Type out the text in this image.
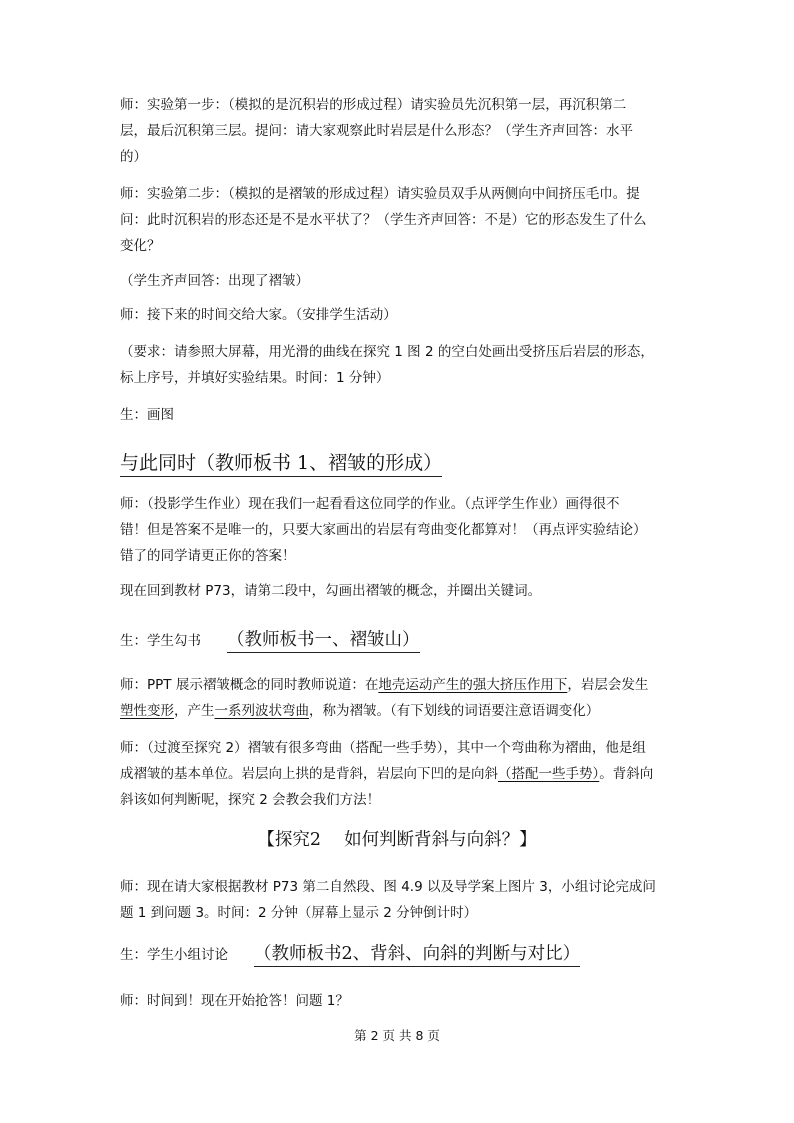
师：实验第一步：（模拟的是沉积岩的形成过程）请实验员先沉积第一层，再沉积第二
层，最后沉积第三层。提问：请大家观察此时岩层是什么形态？（学生齐声回答：水平
的）

师：实验第二步：（模拟的是褶皱的形成过程）请实验员双手从两侧向中间挤压毛巾。提
问：此时沉积岩的形态还是不是水平状了？（学生齐声回答：不是）它的形态发生了什么
变化？

（学生齐声回答：出现了褶皱）

师：接下来的时间交给大家。（安排学生活动）

（要求：请参照大屏幕，用光滑的曲线在探究 1 图 2 的空白处画出受挤压后岩层的形态，
标上序号，并填好实验结果。时间：1 分钟）

生：画图

与此同时（教师板书 1、褶皱的形成）

师：（投影学生作业）现在我们一起看看这位同学的作业。（点评学生作业）画得很不
错！但是答案不是唯一的，只要大家画出的岩层有弯曲变化都算对！（再点评实验结论）
错了的同学请更正你的答案！

现在回到教材 P73，请第二段中，勾画出褶皱的概念，并圈出关键词。

生：学生勾书 （教师板书一、褶皱山）

师：PPT 展示褶皱概念的同时教师说道：在地壳运动产生的强大挤压作用下，岩层会发生
塑性变形，产生一系列波状弯曲，称为褶皱。（有下划线的词语要注意语调变化）

师：（过渡至探究 2）褶皱有很多弯曲（搭配一些手势），其中一个弯曲称为褶曲，他是组
成褶皱的基本单位。岩层向上拱的是背斜，岩层向下凹的是向斜（搭配一些手势）。背斜向
斜该如何判断呢，探究 2 会教会我们方法！

【探究2　 如何判断背斜与向斜？】

师：现在请大家根据教材 P73 第二自然段、图 4.9 以及导学案上图片 3，小组讨论完成问
题 1 到问题 3。时间：2 分钟（屏幕上显示 2 分钟倒计时）

生：学生小组讨论 （教师板书2、背斜、向斜的判断与对比）

师：时间到！现在开始抢答！问题 1？

第 2 页 共 8 页
